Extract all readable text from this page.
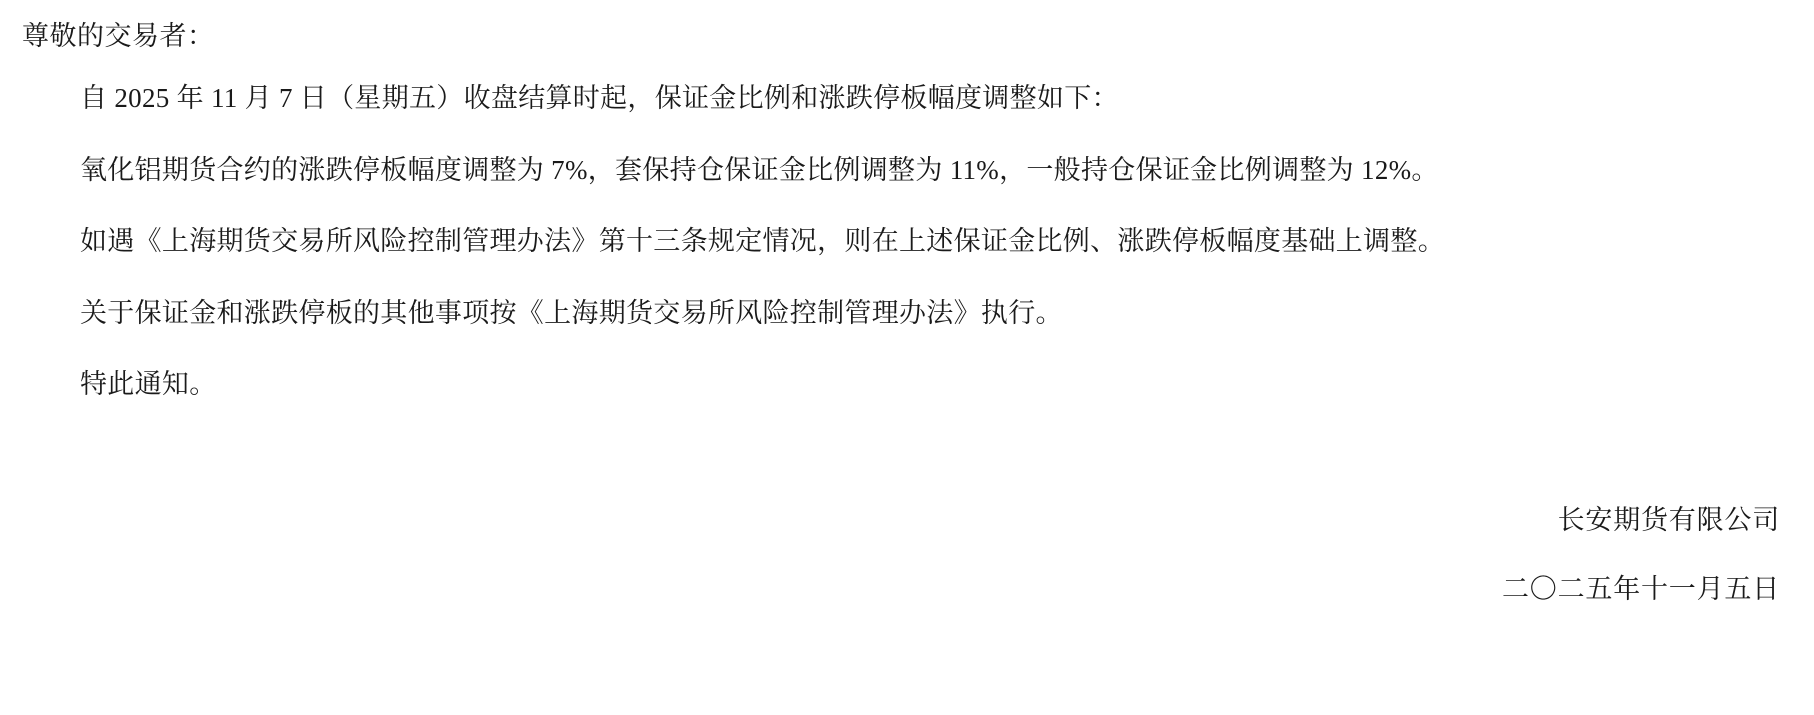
尊敬的交易者：

自 2025 年 11 月 7 日（星期五）收盘结算时起，保证金比例和涨跌停板幅度调整如下：

氧化铝期货合约的涨跌停板幅度调整为 7%，套保持仓保证金比例调整为 11%，一般持仓保证金比例调整为 12%。

如遇《上海期货交易所风险控制管理办法》第十三条规定情况，则在上述保证金比例、涨跌停板幅度基础上调整。

关于保证金和涨跌停板的其他事项按《上海期货交易所风险控制管理办法》执行。

特此通知。

长安期货有限公司

二〇二五年十一月五日
